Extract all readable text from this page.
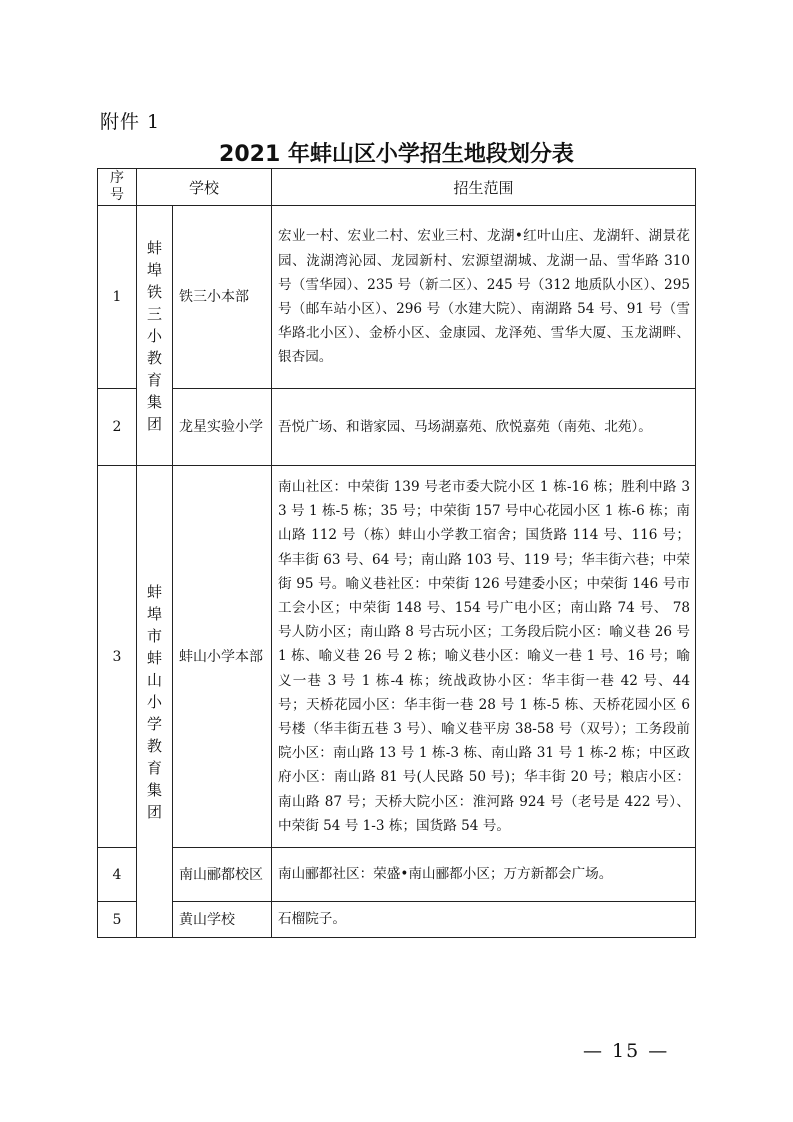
附件 1
2021 年蚌山区小学招生地段划分表
序号	学校		招生范围
1	蚌埠铁三小教育集团	铁三小本部	宏业一村、宏业二村、宏业三村、龙湖•红叶山庄、龙湖轩、湖景花园、泷湖湾沁园、龙园新村、宏源望湖城、龙湖一品、雪华路 310 号（雪华园）、235 号（新二区）、245 号（312 地质队小区）、295 号（邮车站小区）、296 号（水建大院）、南湖路 54 号、91 号（雪华路北小区）、金桥小区、金康园、龙泽苑、雪华大厦、玉龙湖畔、银杏园。
2		龙星实验小学	吾悦广场、和谐家园、马场湖嘉苑、欣悦嘉苑（南苑、北苑）。
3	蚌埠市蚌山小学教育集团	蚌山小学本部	南山社区：中荣街 139 号老市委大院小区 1 栋-16 栋；胜利中路 33 号 1 栋-5 栋；35 号；中荣街 157 号中心花园小区 1 栋-6 栋；南山路 112 号（栋）蚌山小学教工宿舍；国货路 114 号、116 号；华丰街 63 号、64 号；南山路 103 号、119 号；华丰街六巷；中荣街 95 号。喻义巷社区：中荣街 126 号建委小区；中荣街 146 号市工会小区；中荣街 148 号、154 号广电小区；南山路 74 号、 78 号人防小区；南山路 8 号古玩小区；工务段后院小区：喻义巷 26 号 1 栋、喻义巷 26 号 2 栋；喻义巷小区：喻义一巷 1 号、16 号；喻义一巷 3 号 1 栋-4 栋；统战政协小区：华丰街一巷 42 号、44 号；天桥花园小区：华丰街一巷 28 号 1 栋-5 栋、天桥花园小区 6 号楼（华丰街五巷 3 号）、喻义巷平房 38-58 号（双号）；工务段前院小区：南山路 13 号 1 栋-3 栋、南山路 31 号 1 栋-2 栋；中区政府小区：南山路 81 号(人民路 50 号)；华丰街 20 号；粮店小区：南山路 87 号；天桥大院小区：淮河路 924 号（老号是 422 号）、中荣街 54 号 1-3 栋；国货路 54 号。
4		南山郦都校区	南山郦都社区：荣盛•南山郦都小区；万方新都会广场。
5		黄山学校	石榴院子。
— 15 —
